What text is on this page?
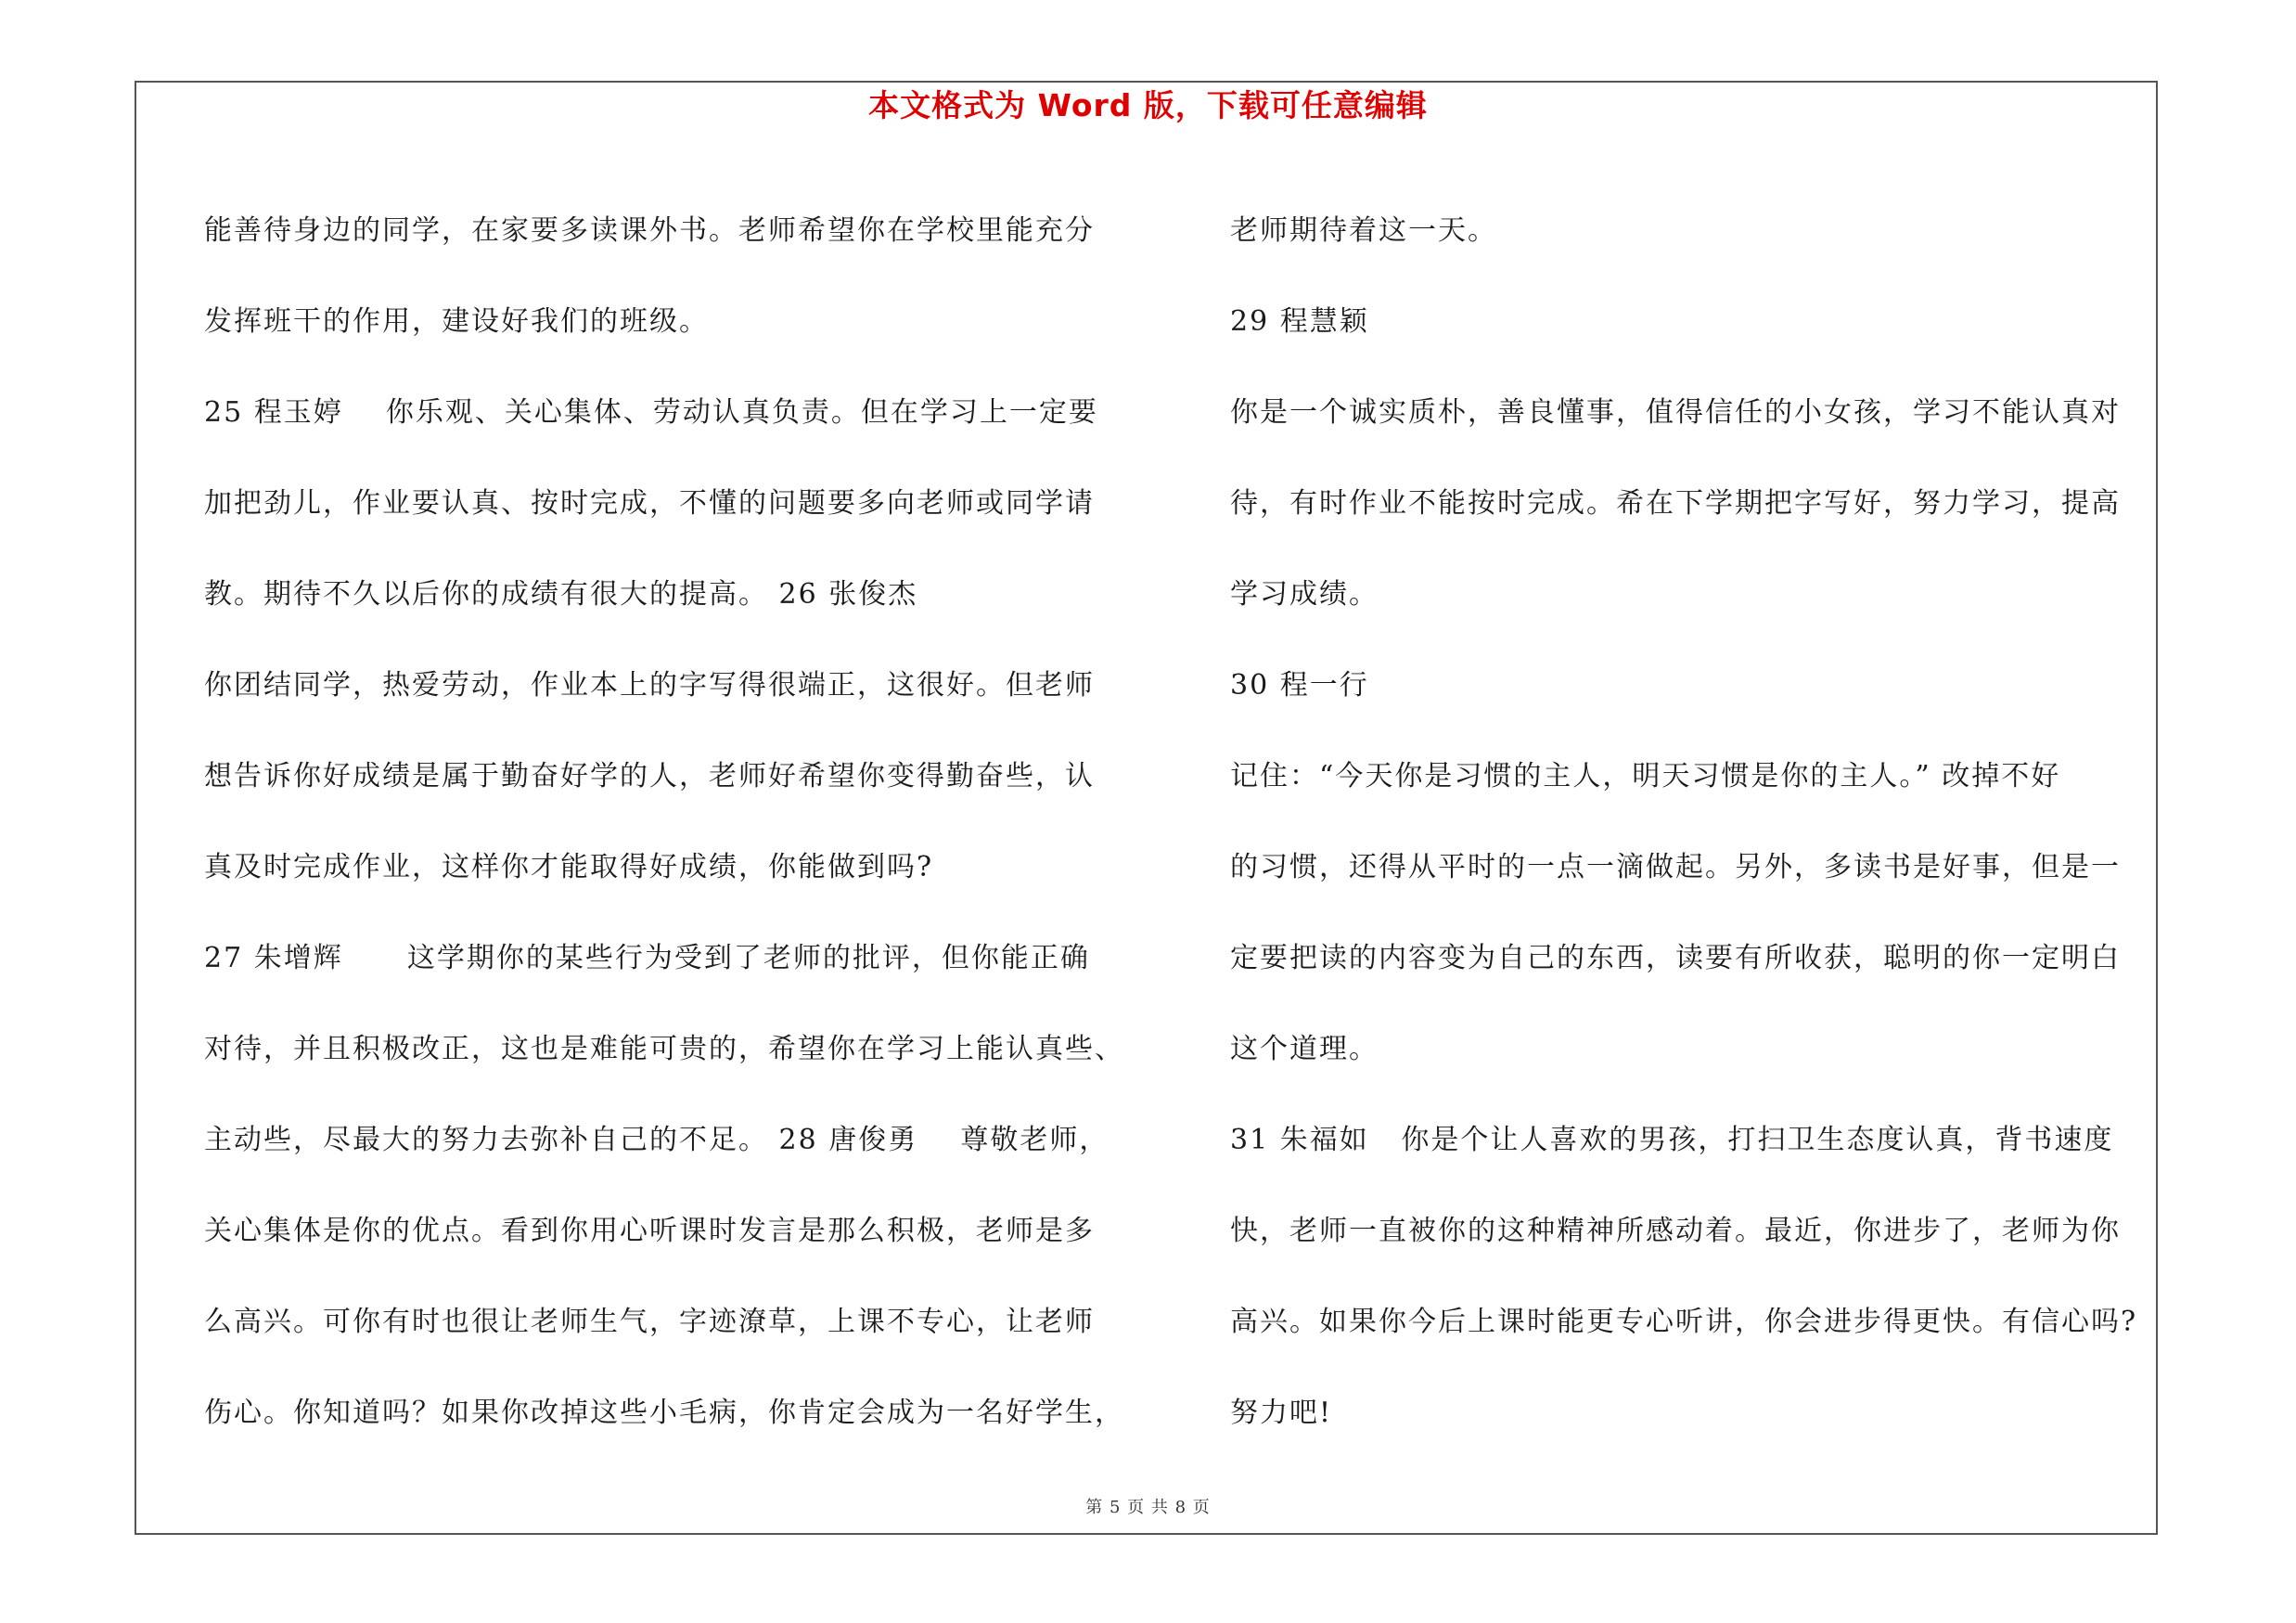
本文格式为 Word 版，下载可任意编辑
能善待身边的同学，在家要多读课外书。老师希望你在学校里能充分
发挥班干的作用，建设好我们的班级。
25 程玉婷    你乐观、关心集体、劳动认真负责。但在学习上一定要
加把劲儿，作业要认真、按时完成，不懂的问题要多向老师或同学请
教。期待不久以后你的成绩有很大的提高。 26 张俊杰
你团结同学，热爱劳动，作业本上的字写得很端正，这很好。但老师
想告诉你好成绩是属于勤奋好学的人，老师好希望你变得勤奋些，认
真及时完成作业，这样你才能取得好成绩，你能做到吗?
27 朱增辉      这学期你的某些行为受到了老师的批评，但你能正确
对待，并且积极改正，这也是难能可贵的，希望你在学习上能认真些、
主动些，尽最大的努力去弥补自己的不足。 28 唐俊勇    尊敬老师，
关心集体是你的优点。看到你用心听课时发言是那么积极，老师是多
么高兴。可你有时也很让老师生气，字迹潦草，上课不专心，让老师
伤心。你知道吗？如果你改掉这些小毛病，你肯定会成为一名好学生，
老师期待着这一天。
29 程慧颖
你是一个诚实质朴，善良懂事，值得信任的小女孩，学习不能认真对
待，有时作业不能按时完成。希在下学期把字写好，努力学习，提高
学习成绩。
30 程一行
记住：“今天你是习惯的主人，明天习惯是你的主人。” 改掉不好
的习惯，还得从平时的一点一滴做起。另外，多读书是好事，但是一
定要把读的内容变为自己的东西，读要有所收获，聪明的你一定明白
这个道理。
31 朱福如   你是个让人喜欢的男孩，打扫卫生态度认真，背书速度
快，老师一直被你的这种精神所感动着。最近，你进步了，老师为你
高兴。如果你今后上课时能更专心听讲，你会进步得更快。有信心吗?
努力吧!
第 5 页 共 8 页
